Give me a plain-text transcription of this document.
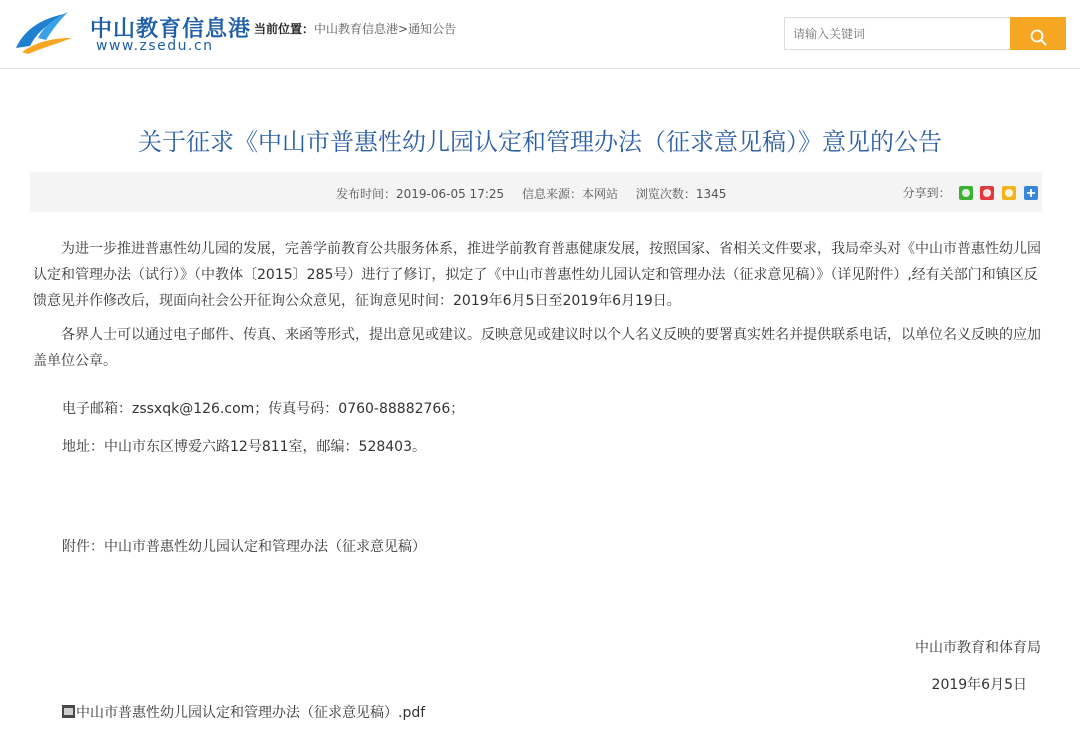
中山教育信息港
www.zsedu.cn
当前位置：中山教育信息港>通知公告
请输入关键词
关于征求《中山市普惠性幼儿园认定和管理办法（征求意见稿）》意见的公告
发布时间：2019-06-05 17:25 信息来源：本网站 浏览次数：1345	分享到：

为进一步推进普惠性幼儿园的发展，完善学前教育公共服务体系，推进学前教育普惠健康发展，按照国家、省相关文件要求，我局牵头对《中山市普惠性幼儿园认定和管理办法（试行）》（中教体〔2015〕285号）进行了修订，拟定了《中山市普惠性幼儿园认定和管理办法（征求意见稿）》（详见附件）,经有关部门和镇区反馈意见并作修改后，现面向社会公开征询公众意见，征询意见时间：2019年6月5日至2019年6月19日。

各界人士可以通过电子邮件、传真、来函等形式，提出意见或建议。反映意见或建议时以个人名义反映的要署真实姓名并提供联系电话，以单位名义反映的应加盖单位公章。

电子邮箱：zssxqk@126.com；传真号码：0760-88882766；
地址：中山市东区博爱六路12号811室，邮编：528403。
附件：中山市普惠性幼儿园认定和管理办法（征求意见稿）
中山市教育和体育局
2019年6月5日
中山市普惠性幼儿园认定和管理办法（征求意见稿）.pdf
